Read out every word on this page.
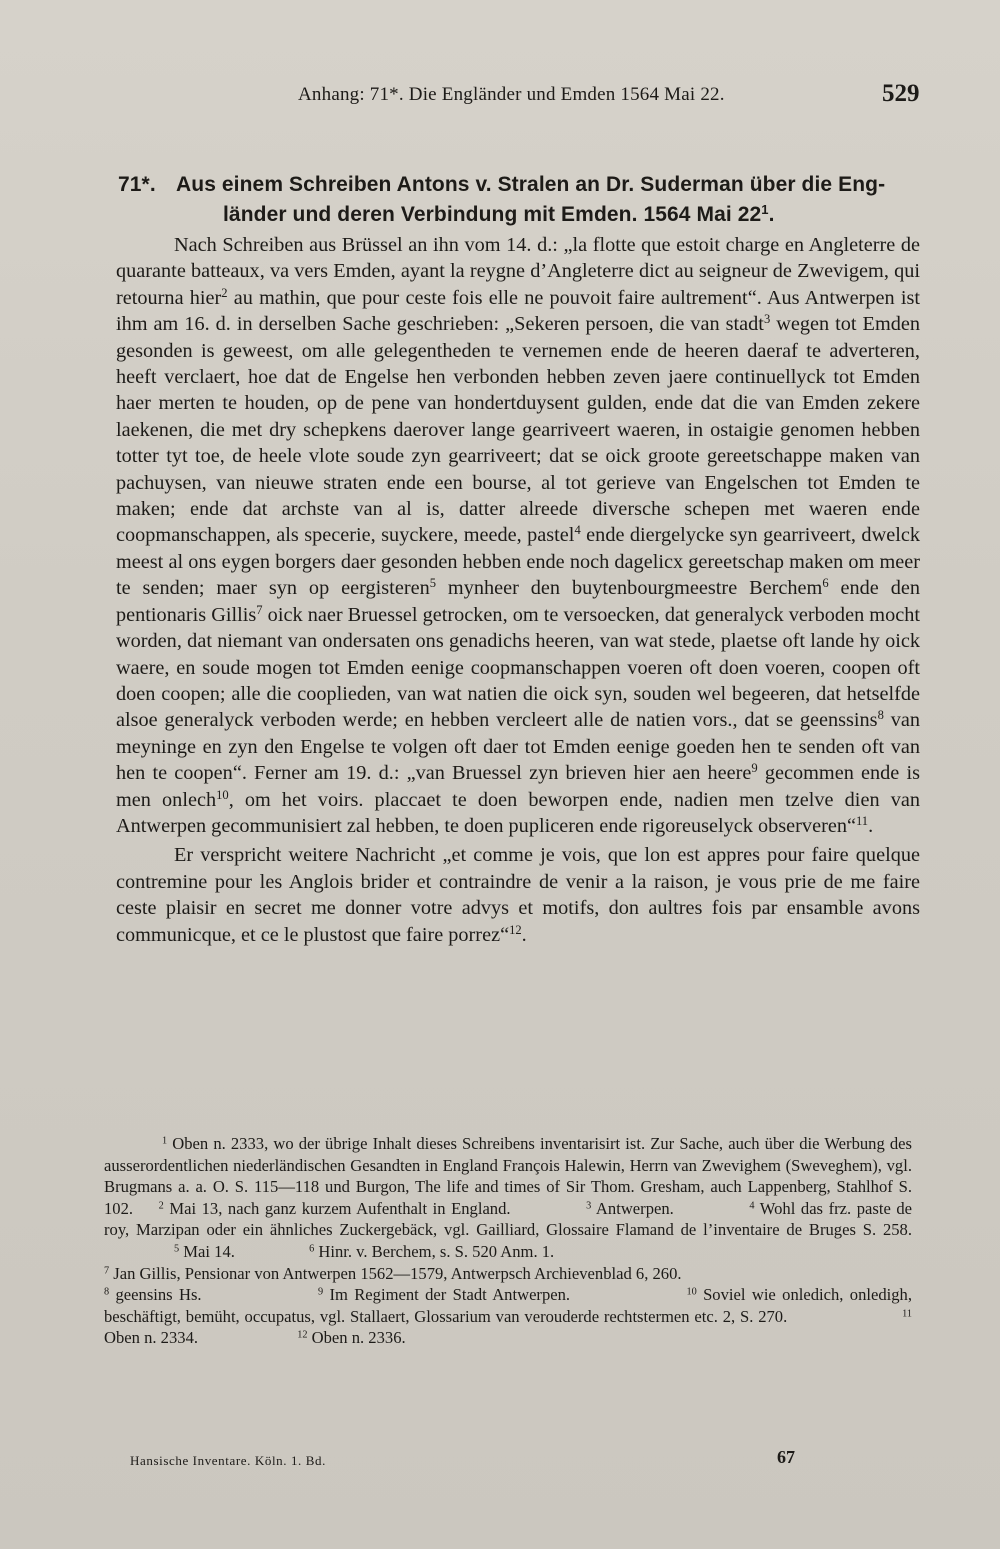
Anhang: 71*. Die Engländer und Emden 1564 Mai 22.	529
71*. Aus einem Schreiben Antons v. Stralen an Dr. Suderman über die Eng-
länder und deren Verbindung mit Emden. 1564 Mai $22^1$.

Nach Schreiben aus Brüssel an ihn vom 14. d.: „la flotte que estoit charge en Angleterre de quarante batteaux, va vers Emden, ayant la reygne d’Angleterre dict au seigneur de Zwevigem, qui retourna hier$^2$ au mathin, que pour ceste fois elle ne pouvoit faire aultrement“. Aus Antwerpen ist ihm am 16. d. in derselben Sache geschrieben: „Sekeren persoen, die van stadt$^3$ wegen tot Emden gesonden is geweest, om alle gelegentheden te vernemen ende de heeren daeraf te adverteren, heeft verclaert, hoe dat de Engelse hen verbonden hebben zeven jaere continuellyck tot Emden haer merten te houden, op de pene van hondertduysent gulden, ende dat die van Emden zekere laekenen, die met dry schepkens daerover lange gearriveert waeren, in ostaigie genomen hebben totter tyt toe, de heele vlote soude zyn gearriveert; dat se oick groote gereetschappe maken van pachuysen, van nieuwe straten ende een bourse, al tot gerieve van Engelschen tot Emden te maken; ende dat archste van al is, datter alreede diversche schepen met waeren ende coopmanschappen, als specerie, suyckere, meede, pastel$^4$ ende diergelycke syn gearriveert, dwelck meest al ons eygen borgers daer gesonden hebben ende noch dagelicx gereetschap maken om meer te senden; maer syn op eergisteren$^5$ mynheer den buytenbourgmeestre Berchem$^6$ ende den pentionaris Gillis$^7$ oick naer Bruessel getrocken, om te versoecken, dat generalyck verboden mocht worden, dat niemant van ondersaten ons genadichs heeren, van wat stede, plaetse oft lande hy oick waere, en soude mogen tot Emden eenige coopmanschappen voeren oft doen voeren, coopen oft doen coopen; alle die cooplieden, van wat natien die oick syn, souden wel begeeren, dat hetselfde alsoe generalyck verboden werde; en hebben vercleert alle de natien vors., dat se geenssins$^8$ van meyninge en zyn den Engelse te volgen oft daer tot Emden eenige goeden hen te senden oft van hen te coopen“. Ferner am 19. d.: „van Bruessel zyn brieven hier aen heere$^9$ gecommen ende is men onlech$^{10}$, om het voirs. placcaet te doen beworpen ende, nadien men tzelve dien van Antwerpen gecommunisiert zal hebben, te doen pupliceren ende rigoreuselyck observeren“$^{11}$.

Er verspricht weitere Nachricht „et comme je vois, que lon est appres pour faire quelque contremine pour les Anglois brider et contraindre de venir a la raison, je vous prie de me faire ceste plaisir en secret me donner votre advys et motifs, don aultres fois par ensamble avons communicque, et ce le plustost que faire porrez“$^{12}$.

$^1$ Oben n. 2333, wo der übrige Inhalt dieses Schreibens inventarisirt ist. Zur Sache, auch über die Werbung des ausserordentlichen niederländischen Gesandten in England François Halewin, Herrn van Zwevighem (Sweveghem), vgl. Brugmans a. a. O. S. 115—118 und Burgon, The life and times of Sir Thom. Gresham, auch Lappenberg, Stahlhof S. 102. $^2$ Mai 13, nach ganz kurzem Aufenthalt in England.	$^3$ Antwerpen.	$^4$ Wohl das frz. paste de roy, Marzipan oder ein ähnliches Zuckergebäck, vgl. Gailliard, Glossaire Flamand de l’inventaire de Bruges S. 258. $^5$ Mai 14.	$^6$ Hinr. v. Berchem, s. S. 520 Anm. 1.

$^7$ Jan Gillis, Pensionar von Antwerpen 1562—1579, Antwerpsch Archievenblad 6, 260.

$^8$ geensins Hs.	$^9$ Im Regiment der Stadt Antwerpen.	$^{10}$ Soviel wie onledich, onledigh, beschäftigt, bemüht, occupatus, vgl. Stallaert, Glossarium van verouderde rechtstermen etc. 2, S. 270.	$^{11}$ Oben n. 2334.	$^{12}$ Oben n. 2336.

Hansische Inventare. Köln. 1. Bd.	67
